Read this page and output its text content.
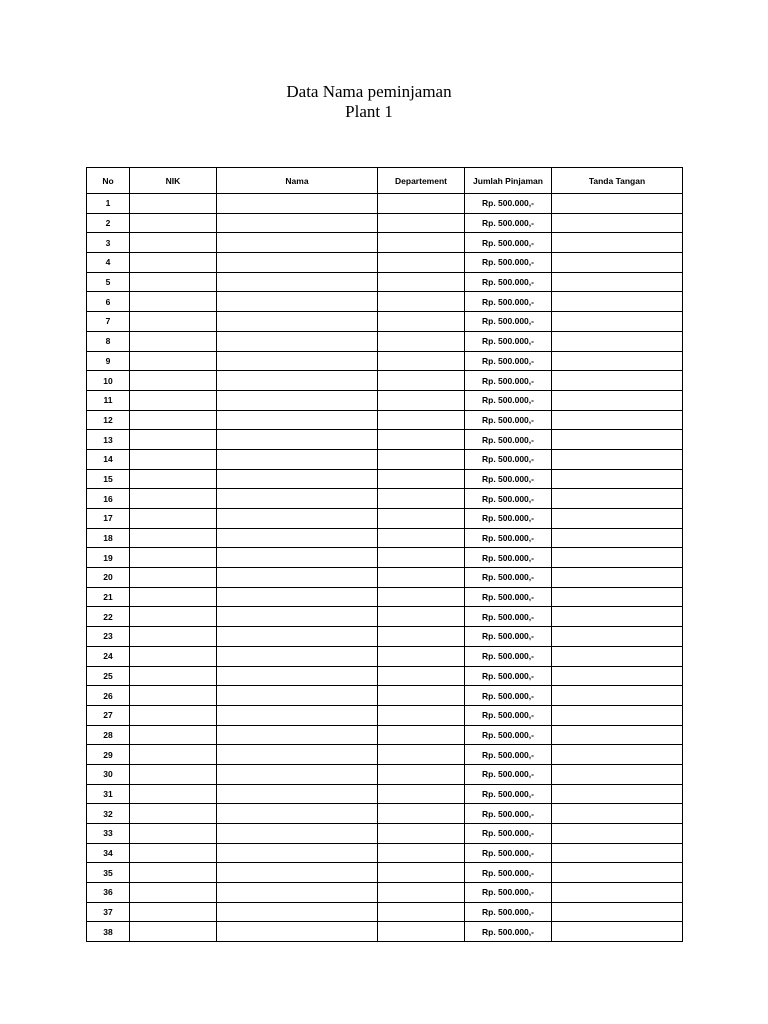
Data Nama peminjaman
Plant 1
No	NIK	Nama	Departement	Jumlah Pinjaman	Tanda Tangan
1				Rp. 500.000,-	
2				Rp. 500.000,-	
3				Rp. 500.000,-	
4				Rp. 500.000,-	
5				Rp. 500.000,-	
6				Rp. 500.000,-	
7				Rp. 500.000,-	
8				Rp. 500.000,-	
9				Rp. 500.000,-	
10				Rp. 500.000,-	
11				Rp. 500.000,-	
12				Rp. 500.000,-	
13				Rp. 500.000,-	
14				Rp. 500.000,-	
15				Rp. 500.000,-	
16				Rp. 500.000,-	
17				Rp. 500.000,-	
18				Rp. 500.000,-	
19				Rp. 500.000,-	
20				Rp. 500.000,-	
21				Rp. 500.000,-	
22				Rp. 500.000,-	
23				Rp. 500.000,-	
24				Rp. 500.000,-	
25				Rp. 500.000,-	
26				Rp. 500.000,-	
27				Rp. 500.000,-	
28				Rp. 500.000,-	
29				Rp. 500.000,-	
30				Rp. 500.000,-	
31				Rp. 500.000,-	
32				Rp. 500.000,-	
33				Rp. 500.000,-	
34				Rp. 500.000,-	
35				Rp. 500.000,-	
36				Rp. 500.000,-	
37				Rp. 500.000,-	
38				Rp. 500.000,-	
